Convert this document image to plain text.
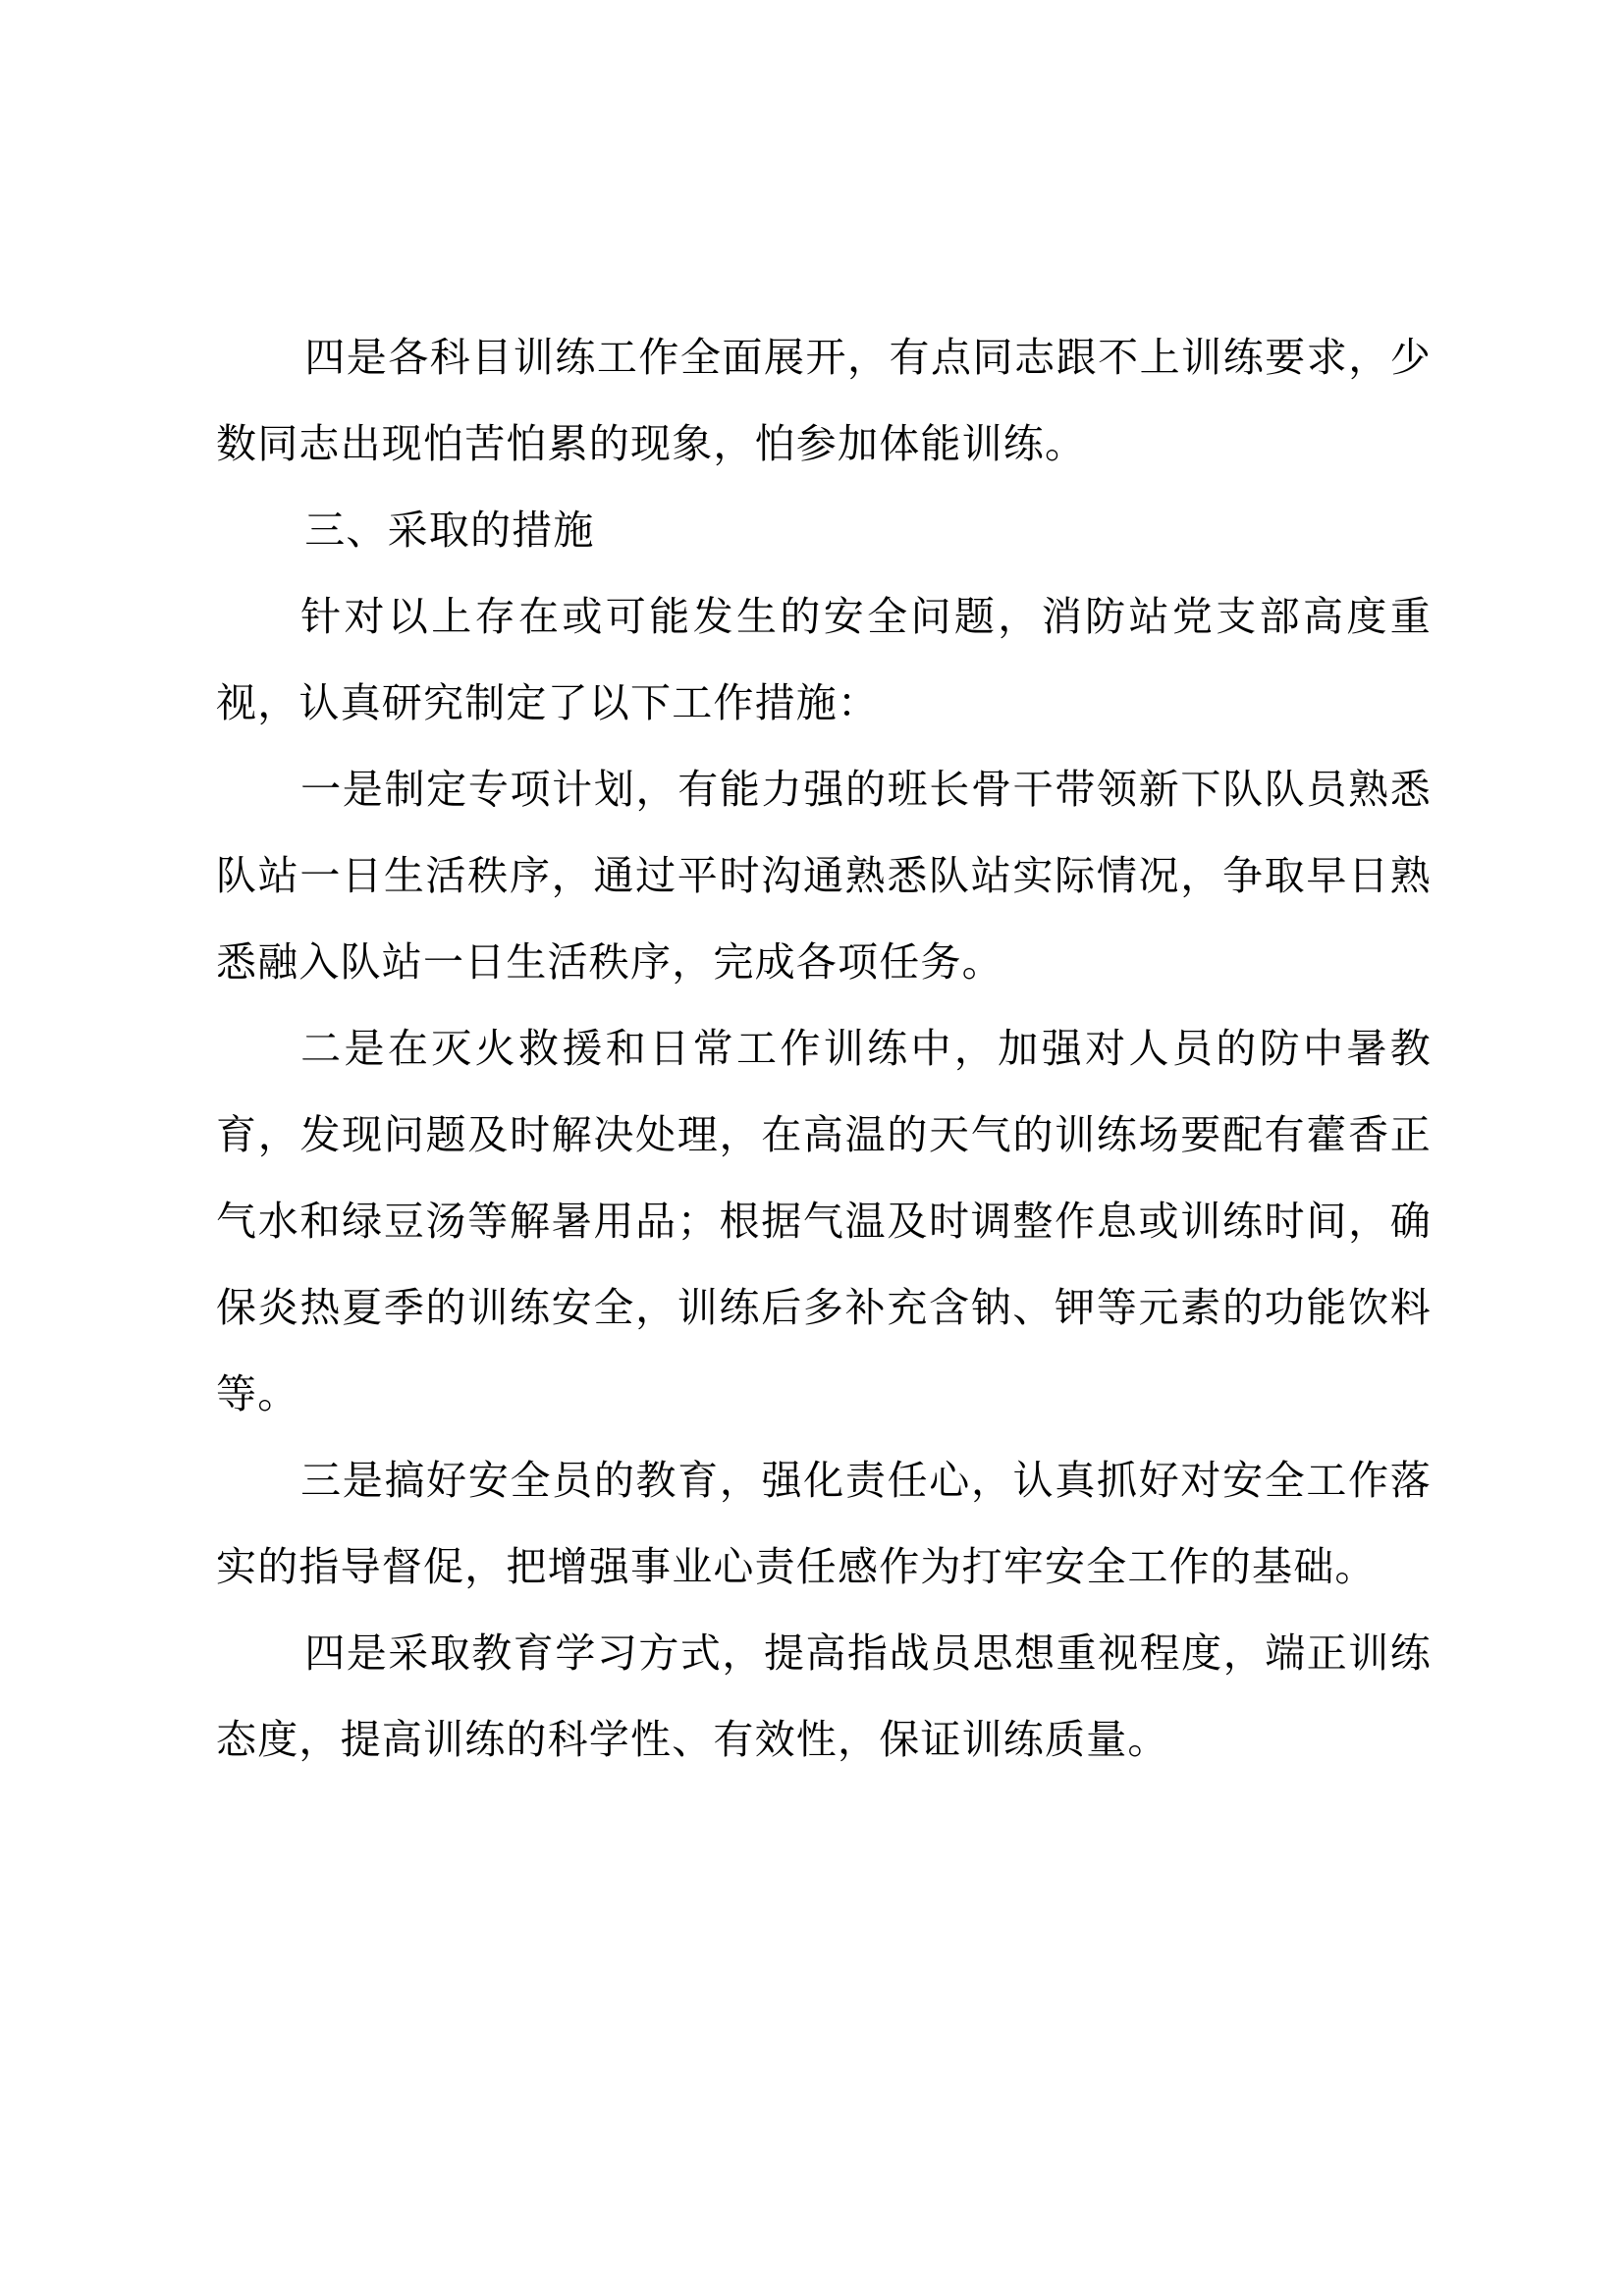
四是各科目训练工作全面展开，有点同志跟不上训练要求，少数同志出现怕苦怕累的现象，怕参加体能训练。

三、采取的措施

针对以上存在或可能发生的安全问题，消防站党支部高度重视，认真研究制定了以下工作措施：

一是制定专项计划，有能力强的班长骨干带领新下队队员熟悉队站一日生活秩序，通过平时沟通熟悉队站实际情况，争取早日熟悉融入队站一日生活秩序，完成各项任务。

二是在灭火救援和日常工作训练中，加强对人员的防中暑教育，发现问题及时解决处理，在高温的天气的训练场要配有藿香正气水和绿豆汤等解暑用品；根据气温及时调整作息或训练时间，确保炎热夏季的训练安全，训练后多补充含钠、钾等元素的功能饮料等。

三是搞好安全员的教育，强化责任心，认真抓好对安全工作落实的指导督促，把增强事业心责任感作为打牢安全工作的基础。

四是采取教育学习方式，提高指战员思想重视程度，端正训练态度，提高训练的科学性、有效性，保证训练质量。
